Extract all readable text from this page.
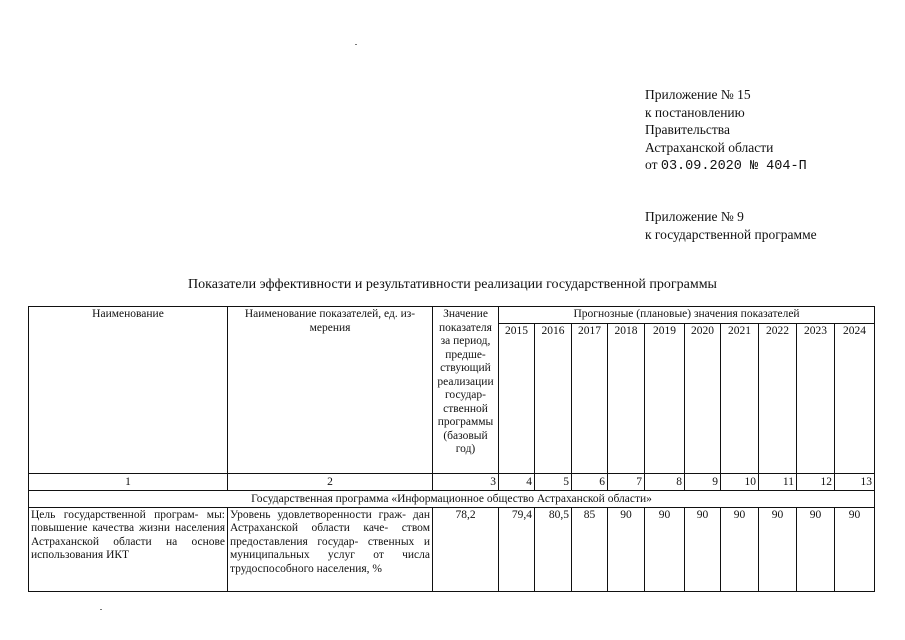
Приложение № 15
к постановлению
Правительства
Астраханской области
от 03.09.2020 № 404-П
Приложение № 9
к государственной программе
Показатели эффективности и результативности реализации государственной программы
Наименование	Наименование показателей, ед. из- мерения	Значение показателя за период, предше- ствующий реализации государ- ственной программы (базовый год)	Прогнозные (плановые) значения показателей									
			2015	2016	2017	2018	2019	2020	2021	2022	2023	2024
1	2	3	4	5	6	7	8	9	10	11	12	13
Государственная программа «Информационное общество Астраханской области»												
Цель государственной програм- мы: повышение качества жизни населения Астраханской области на основе использования ИКТ	Уровень удовлетворенности граж- дан Астраханской области каче- ством предоставления государ- ственных и муниципальных услуг от числа трудоспособного населения, %	78,2	79,4	80,5	85	90	90	90	90	90	90	90
